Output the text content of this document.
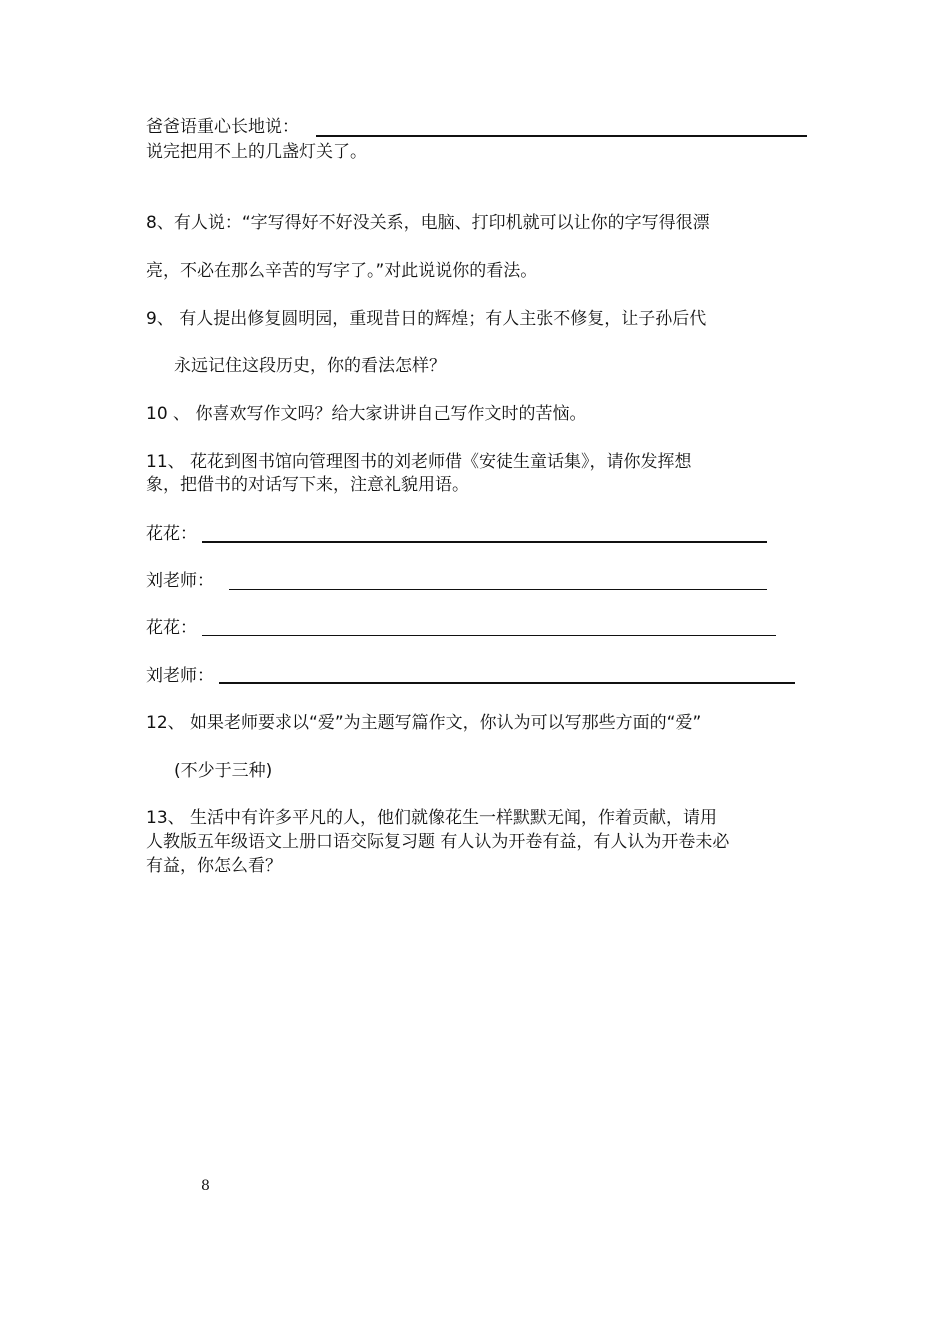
爸爸语重心长地说：
说完把用不上的几盏灯关了。
8、有人说：“字写得好不好没关系，电脑、打印机就可以让你的字写得很漂
亮，不必在那么辛苦的写字了。”对此说说你的看法。
9、 有人提出修复圆明园，重现昔日的辉煌；有人主张不修复，让子孙后代
永远记住这段历史，你的看法怎样？
10 、 你喜欢写作文吗？给大家讲讲自己写作文时的苦恼。
11、 花花到图书馆向管理图书的刘老师借《安徒生童话集》，请你发挥想
象，把借书的对话写下来，注意礼貌用语。
花花：
刘老师：
花花：
刘老师：
12、 如果老师要求以“爱”为主题写篇作文，你认为可以写那些方面的“爱”
(不少于三种)
13、 生活中有许多平凡的人，他们就像花生一样默默无闻，作着贡献，请用
人教版五年级语文上册口语交际复习题 有人认为开卷有益，有人认为开卷未必
有益，你怎么看？
8
